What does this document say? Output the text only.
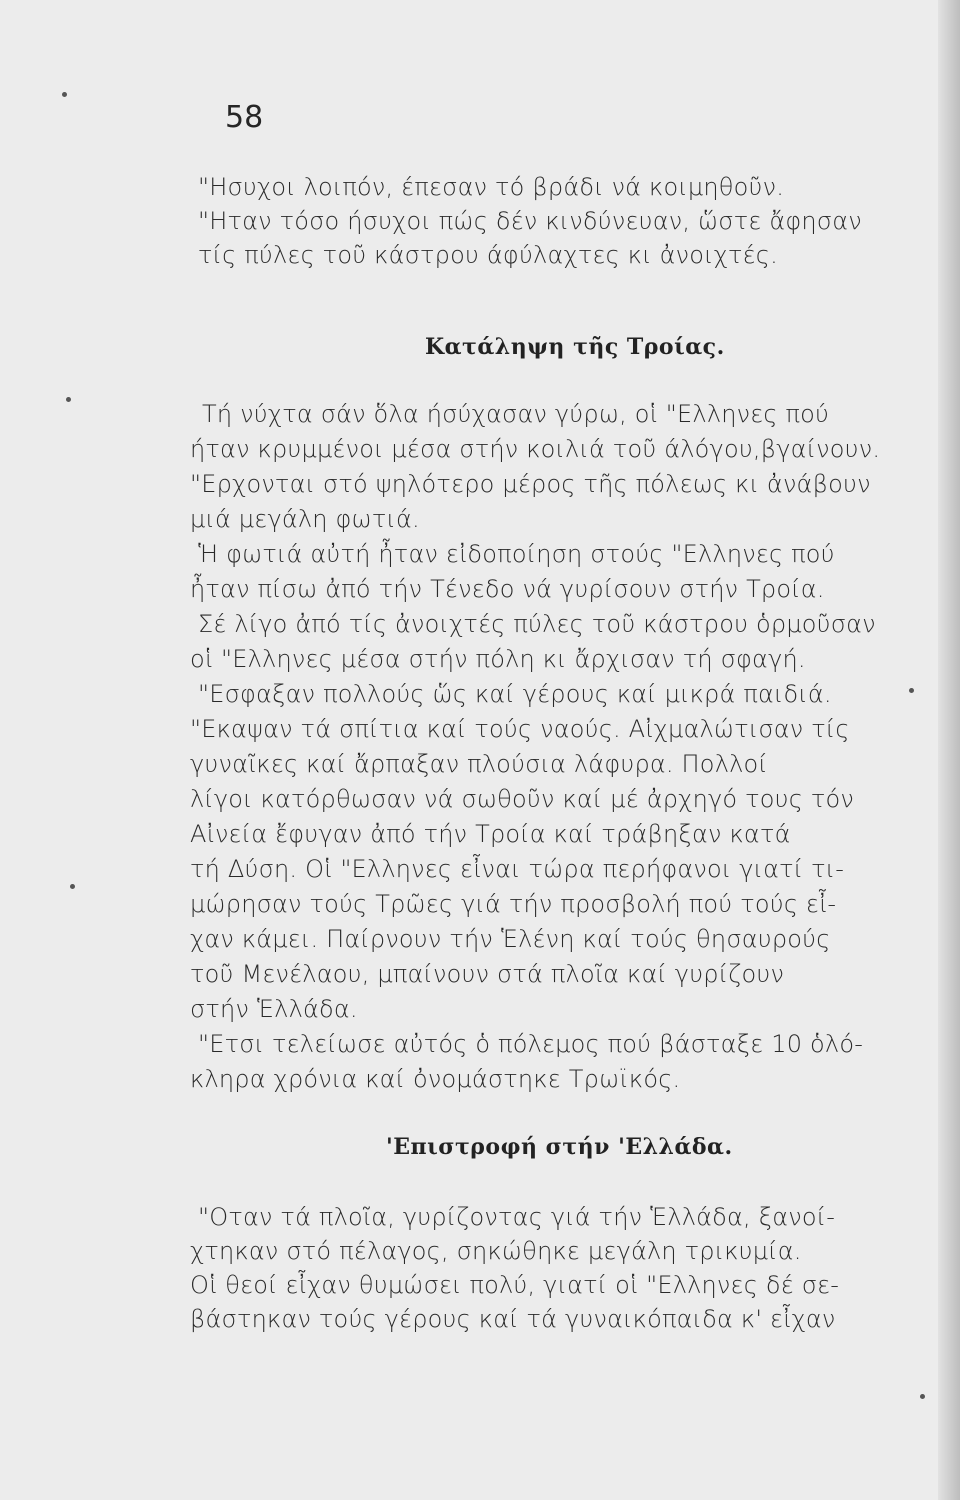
58
"Ησυχοι λοιπόν, έπεσαν τό βράδι νά κοιμηθοῦν.
"Ηταν τόσο ήσυχοι πώς δέν κινδύνευαν, ὥστε ἄφησαν
τίς πύλες τοῦ κάστρου άφύλαχτες κι ἀνοιχτές.
Κατάληψη τῆς Τροίας.
Τή νύχτα σάν ὅλα ήσύχασαν γύρω, οἱ "Ελληνες πού
ήταν κρυμμένοι μέσα στήν κοιλιά τοῦ άλόγου,βγαίνουν.
"Ερχονται στό ψηλότερο μέρος τῆς πόλεως κι ἀνάβουν
μιά μεγάλη φωτιά.
Ἡ φωτιά αὐτή ἦταν εἰδοποίηση στούς "Ελληνες πού
ἦταν πίσω ἀπό τήν Τένεδο νά γυρίσουν στήν Τροία.
Σέ λίγο ἀπό τίς ἀνοιχτές πύλες τοῦ κάστρου ὁρμοῦσαν
οἱ "Ελληνες μέσα στήν πόλη κι ἄρχισαν τή σφαγή.
"Εσφαξαν πολλούς ὥς καί γέρους καί μικρά παιδιά.
"Εκαψαν τά σπίτια καί τούς ναούς. Αἰχμαλώτισαν τίς
γυναῖκες καί ἄρπαξαν πλούσια λάφυρα. Πολλοί
λίγοι κατόρθωσαν νά σωθοῦν καί μέ ἀρχηγό τους τόν
Αἰνεία ἔφυγαν ἀπό τήν Τροία καί τράβηξαν κατά
τή Δύση. Οἱ "Ελληνες εἶναι τώρα περήφανοι γιατί τι-
μώρησαν τούς Τρῶες γιά τήν προσβολή πού τούς εἶ-
χαν κάμει. Παίρνουν τήν Ἑλένη καί τούς θησαυρούς
τοῦ Μενέλαου, μπαίνουν στά πλοῖα καί γυρίζουν
στήν Ἑλλάδα.
"Ετσι τελείωσε αὐτός ὁ πόλεμος πού βάσταξε 10 ὁλό-
κληρα χρόνια καί ὀνομάστηκε Τρωϊκός.
'Επιστροφή στήν 'Ελλάδα.
"Οταν τά πλοῖα, γυρίζοντας γιά τήν Ἑλλάδα, ξανοί-
χτηκαν στό πέλαγος, σηκώθηκε μεγάλη τρικυμία.
Οἱ θεοί εἶχαν θυμώσει πολύ, γιατί οἱ "Ελληνες δέ σε-
βάστηκαν τούς γέρους καί τά γυναικόπαιδα κ' εἶχαν
